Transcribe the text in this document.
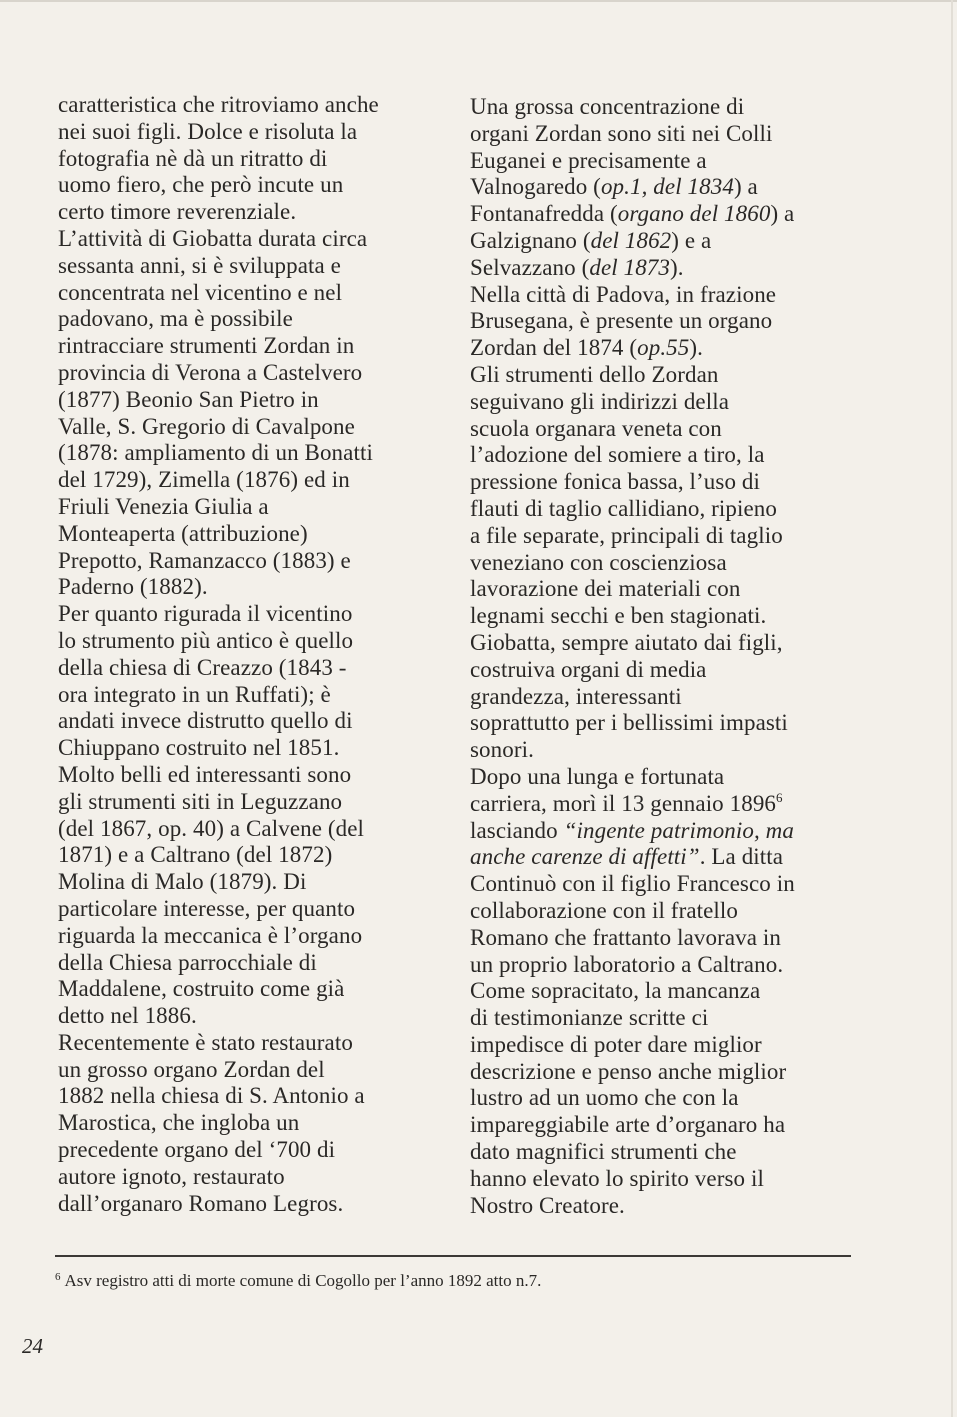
caratteristica che ritroviamo anche

nei suoi figli. Dolce e risoluta la

fotografia nè dà un ritratto di

uomo fiero, che però incute un

certo timore reverenziale.

L’attività di Giobatta durata circa

sessanta anni, si è sviluppata e

concentrata nel vicentino e nel

padovano, ma è possibile

rintracciare strumenti Zordan in

provincia di Verona a Castelvero

(1877) Beonio San Pietro in

Valle, S. Gregorio di Cavalpone

(1878: ampliamento di un Bonatti

del 1729), Zimella (1876) ed in

Friuli Venezia Giulia a

Monteaperta (attribuzione)

Prepotto, Ramanzacco (1883) e

Paderno (1882).

Per quanto rigurada il vicentino

lo strumento più antico è quello

della chiesa di Creazzo (1843 -

ora integrato in un Ruffati); è

andati invece distrutto quello di

Chiuppano costruito nel 1851.

Molto belli ed interessanti sono

gli strumenti siti in Leguzzano

(del 1867, op. 40) a Calvene (del

1871) e a Caltrano (del 1872)

Molina di Malo (1879). Di

particolare interesse, per quanto

riguarda la meccanica è l’organo

della Chiesa parrocchiale di

Maddalene, costruito come già

detto nel 1886.

Recentemente è stato restaurato

un grosso organo Zordan del

1882 nella chiesa di S. Antonio a

Marostica, che ingloba un

precedente organo del ‘700 di

autore ignoto, restaurato

dall’organaro Romano Legros.

Una grossa concentrazione di

organi Zordan sono siti nei Colli

Euganei e precisamente a

Valnogaredo (op.1, del 1834) a

Fontanafredda (organo del 1860) a

Galzignano (del 1862) e a

Selvazzano (del 1873).

Nella città di Padova, in frazione

Brusegana, è presente un organo

Zordan del 1874 (op.55).

Gli strumenti dello Zordan

seguivano gli indirizzi della

scuola organara veneta con

l’adozione del somiere a tiro, la

pressione fonica bassa, l’uso di

flauti di taglio callidiano, ripieno

a file separate, principali di taglio

veneziano con coscienziosa

lavorazione dei materiali con

legnami secchi e ben stagionati.

Giobatta, sempre aiutato dai figli,

costruiva organi di media

grandezza, interessanti

soprattutto per i bellissimi impasti

sonori.

Dopo una lunga e fortunata

carriera, morì il 13 gennaio 1896$^6$

lasciando “ingente patrimonio, ma

anche carenze di affetti”. La ditta

Continuò con il figlio Francesco in

collaborazione con il fratello

Romano che frattanto lavorava in

un proprio laboratorio a Caltrano.

Come sopracitato, la mancanza

di testimonianze scritte ci

impedisce di poter dare miglior

descrizione e penso anche miglior

lustro ad un uomo che con la

impareggiabile arte d’organaro ha

dato magnifici strumenti che

hanno elevato lo spirito verso il

Nostro Creatore.

$^6$ Asv registro atti di morte comune di Cogollo per l’anno 1892 atto n.7.
24
